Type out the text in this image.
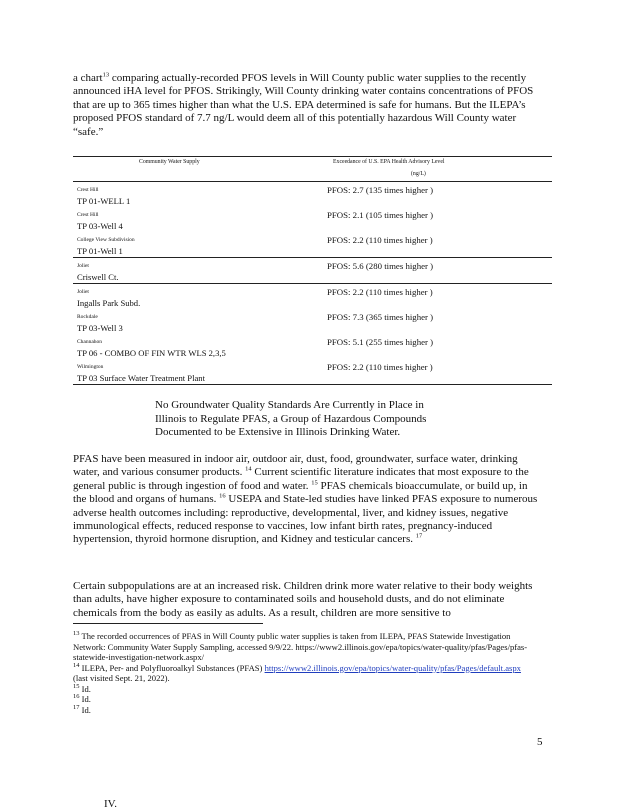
a chart$^{13}$ comparing actually-recorded PFOS levels in Will County public water supplies to the recently announced iHA level for PFOS. Strikingly, Will County drinking water contains concentrations of PFOS that are up to 365 times higher than what the U.S. EPA determined is safe for humans. But the ILEPA’s proposed PFOS standard of 7.7 ng/L would deem all of this potentially hazardous Will County water “safe.”
Community Water Supply	Exceedance of U.S. EPA Health Advisory Level
(ng/L)
Crest Hill
TP 01-WELL 1
PFOS: 2.7 (135 times higher )
Crest Hill
TP 03-Well 4
PFOS: 2.1 (105 times higher )
College View Subdivision
TP 01-Well 1
PFOS: 2.2 (110 times higher )
Joliet
Criswell Ct.
PFOS: 5.6 (280 times higher )
Joliet
Ingalls Park Subd.
PFOS: 2.2 (110 times higher )
Rockdale
TP 03-Well 3
PFOS: 7.3 (365 times higher )
Channahon
TP 06 - COMBO OF FIN WTR WLS 2,3,5
PFOS: 5.1 (255 times higher )
Wilmington
TP 03 Surface Water Treatment Plant
PFOS: 2.2 (110 times higher )
IV.
No Groundwater Quality Standards Are Currently in Place in Illinois to Regulate PFAS, a Group of Hazardous Compounds Documented to be Extensive in Illinois Drinking Water.
PFAS have been measured in indoor air, outdoor air, dust, food, groundwater, surface water, drinking water, and various consumer products. $^{14}$ Current scientific literature indicates that most exposure to the general public is through ingestion of food and water. $^{15}$ PFAS chemicals bioaccumulate, or build up, in the blood and organs of humans. $^{16}$ USEPA and State-led studies have linked PFAS exposure to numerous adverse health outcomes including: reproductive, developmental, liver, and kidney issues, negative immunological effects, reduced response to vaccines, low infant birth rates, pregnancy-induced hypertension, thyroid hormone disruption, and Kidney and testicular cancers. $^{17}$
Certain subpopulations are at an increased risk. Children drink more water relative to their body weights than adults, have higher exposure to contaminated soils and household dusts, and do not eliminate chemicals from the body as easily as adults. As a result, children are more sensitive to

$^{13}$ The recorded occurrences of PFAS in Will County public water supplies is taken from ILEPA, PFAS Statewide Investigation Network: Community Water Supply Sampling, accessed 9/9/22. https://www2.illinois.gov/epa/topics/water-quality/pfas/Pages/pfas-statewide-investigation-network.aspx/

$^{14}$ ILEPA, Per- and Polyfluoroalkyl Substances (PFAS) https://www2.illinois.gov/epa/topics/water-quality/pfas/Pages/default.aspx (last visited Sept. 21, 2022).

$^{15}$ Id.

$^{16}$ Id.

$^{17}$ Id.

5
